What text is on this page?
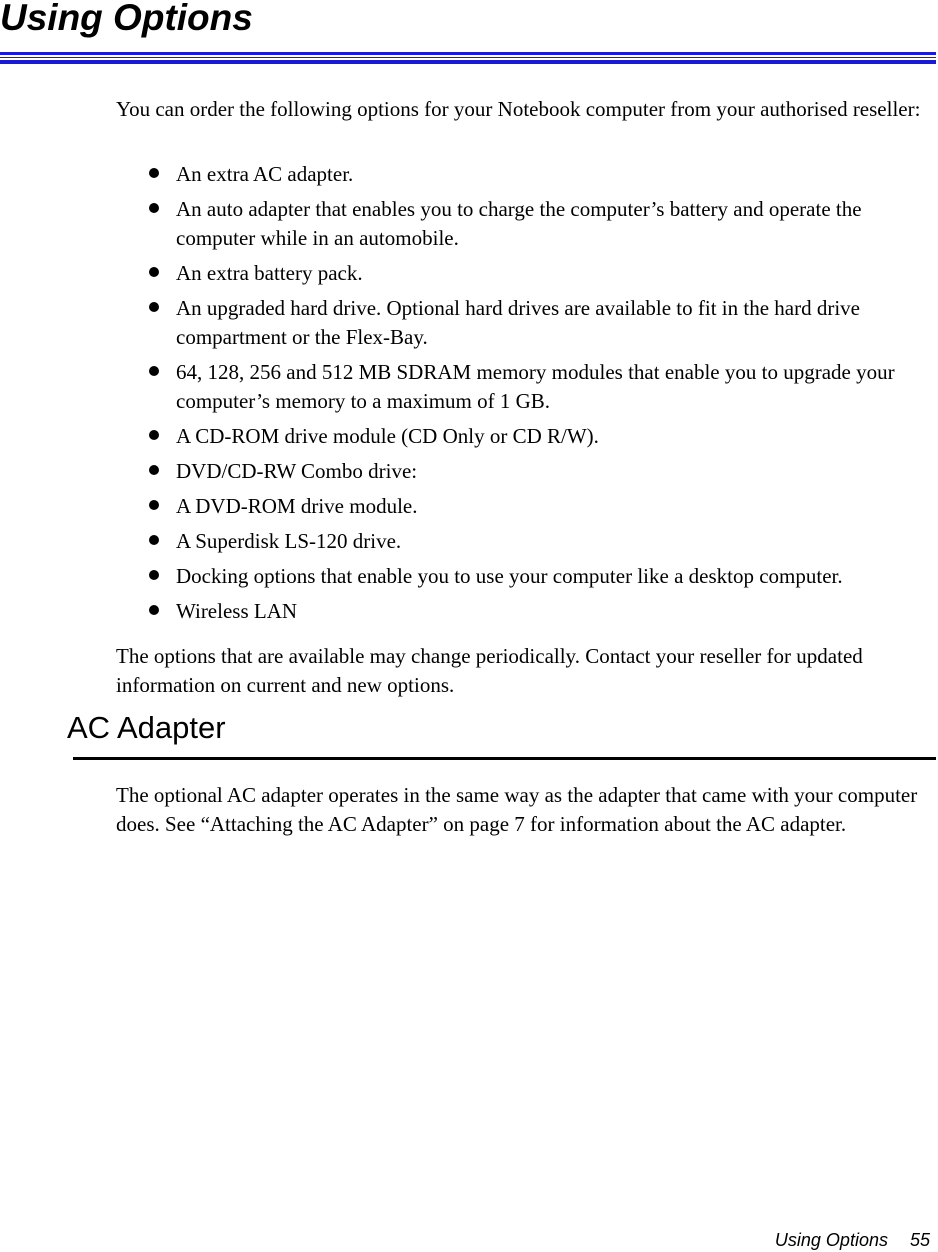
Using Options

You can order the following options for your Notebook computer from your authorised reseller:

An extra AC adapter.
An auto adapter that enables you to charge the computer’s battery and operate the computer while in an automobile.
An extra battery pack.
An upgraded hard drive. Optional hard drives are available to fit in the hard drive compartment or the Flex-Bay.
64, 128, 256 and 512 MB SDRAM memory modules that enable you to upgrade your computer’s memory to a maximum of 1 GB.
A CD-ROM drive module (CD Only or CD R/W).
DVD/CD-RW Combo drive:
A DVD-ROM drive module.
A Superdisk LS-120 drive.
Docking options that enable you to use your computer like a desktop computer.
Wireless LAN

The options that are available may change periodically. Contact your reseller for updated information on current and new options.

AC Adapter

The optional AC adapter operates in the same way as the adapter that came with your computer does. See “Attaching the AC Adapter” on page 7 for information about the AC adapter.

Using Options 55
